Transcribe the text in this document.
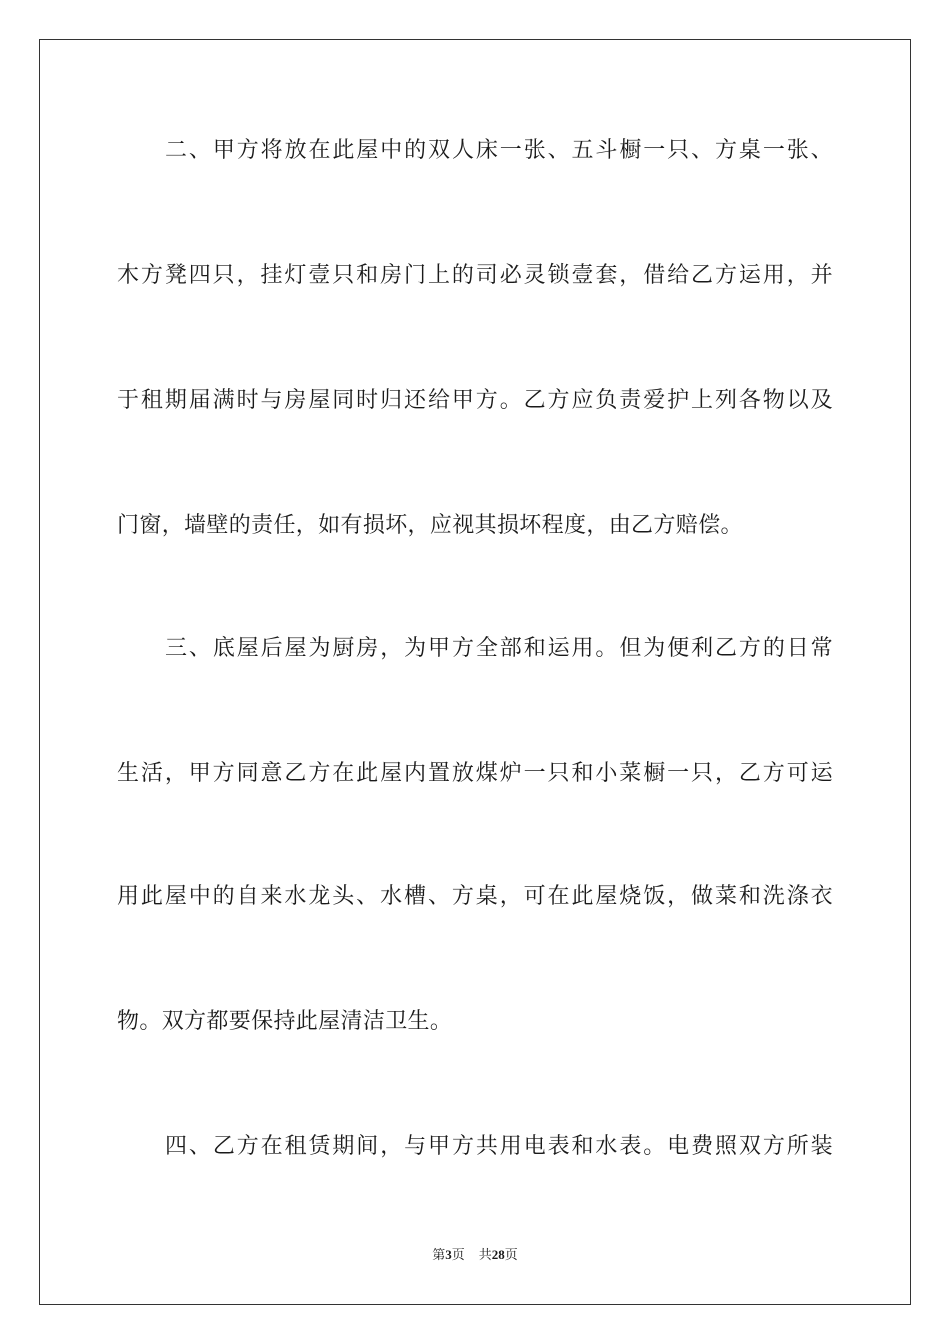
二、甲方将放在此屋中的双人床一张、五斗橱一只、方桌一张、
木方凳四只，挂灯壹只和房门上的司必灵锁壹套，借给乙方运用，并
于租期届满时与房屋同时归还给甲方。乙方应负责爱护上列各物以及
门窗，墙壁的责任，如有损坏，应视其损坏程度，由乙方赔偿。
三、底屋后屋为厨房，为甲方全部和运用。但为便利乙方的日常
生活，甲方同意乙方在此屋内置放煤炉一只和小菜橱一只，乙方可运
用此屋中的自来水龙头、水槽、方桌，可在此屋烧饭，做菜和洗涤衣
物。双方都要保持此屋清洁卫生。
四、乙方在租赁期间，与甲方共用电表和水表。电费照双方所装
第3页 共28页
